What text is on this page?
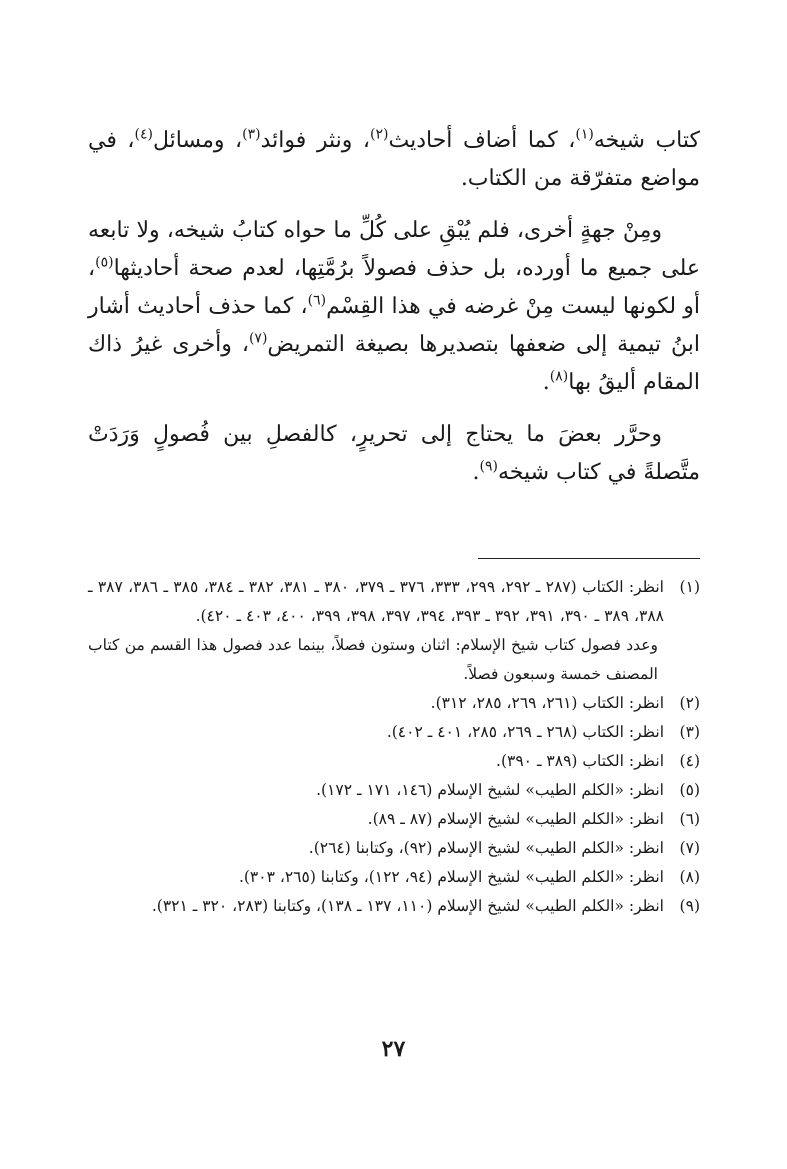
كتاب شيخه$^{(١)}$، كما أضاف أحاديث$^{(٢)}$، ونثر فوائد$^{(٣)}$، ومسائل$^{(٤)}$، في مواضع متفرّقة من الكتاب.

ومِنْ جهةٍ أخرى، فلم يُبْقِ على كُلِّ ما حواه كتابُ شيخه، ولا تابعه على جميع ما أورده، بل حذف فصولاً برُمَّتِها، لعدم صحة أحاديثها$^{(٥)}$، أو لكونها ليست مِنْ غرضه في هذا القِسْم$^{(٦)}$، كما حذف أحاديث أشار ابنُ تيمية إلى ضعفها بتصديرها بصيغة التمريض$^{(٧)}$، وأخرى غيرُ ذاك المقام أليقُ بها$^{(٨)}$.

وحرَّر بعضَ ما يحتاج إلى تحريرٍ، كالفصلِ بين فُصولٍ وَرَدَتْ متَّصلةً في كتاب شيخه$^{(٩)}$.

(١)
انظر: الكتاب (٢٨٧ ـ ٢٩٢، ٢٩٩، ٣٣٣، ٣٧٦ ـ ٣٧٩، ٣٨٠ ـ ٣٨١، ٣٨٢ ـ ٣٨٤، ٣٨٥ ـ ٣٨٦، ٣٨٧ ـ ٣٨٨، ٣٨٩ ـ ٣٩٠، ٣٩١، ٣٩٢ ـ ٣٩٣، ٣٩٤، ٣٩٧، ٣٩٨، ٣٩٩، ٤٠٠، ٤٠٣ ـ ٤٢٠).
وعدد فصول كتاب شيخ الإسلام: اثنان وستون فصلاً، بينما عدد فصول هذا القسم من كتاب المصنف خمسة وسبعون فصلاً.
(٢)
انظر: الكتاب (٢٦١، ٢٦٩، ٢٨٥، ٣١٢).
(٣)
انظر: الكتاب (٢٦٨ ـ ٢٦٩، ٢٨٥، ٤٠١ ـ ٤٠٢).
(٤)
انظر: الكتاب (٣٨٩ ـ ٣٩٠).
(٥)
انظر: «الكلم الطيب» لشيخ الإسلام (١٤٦، ١٧١ ـ ١٧٢).
(٦)
انظر: «الكلم الطيب» لشيخ الإسلام (٨٧ ـ ٨٩).
(٧)
انظر: «الكلم الطيب» لشيخ الإسلام (٩٢)، وكتابنا (٢٦٤).
(٨)
انظر: «الكلم الطيب» لشيخ الإسلام (٩٤، ١٢٢)، وكتابنا (٢٦٥، ٣٠٣).
(٩)
انظر: «الكلم الطيب» لشيخ الإسلام (١١٠، ١٣٧ ـ ١٣٨)، وكتابنا (٢٨٣، ٣٢٠ ـ ٣٢١).
٢٧
